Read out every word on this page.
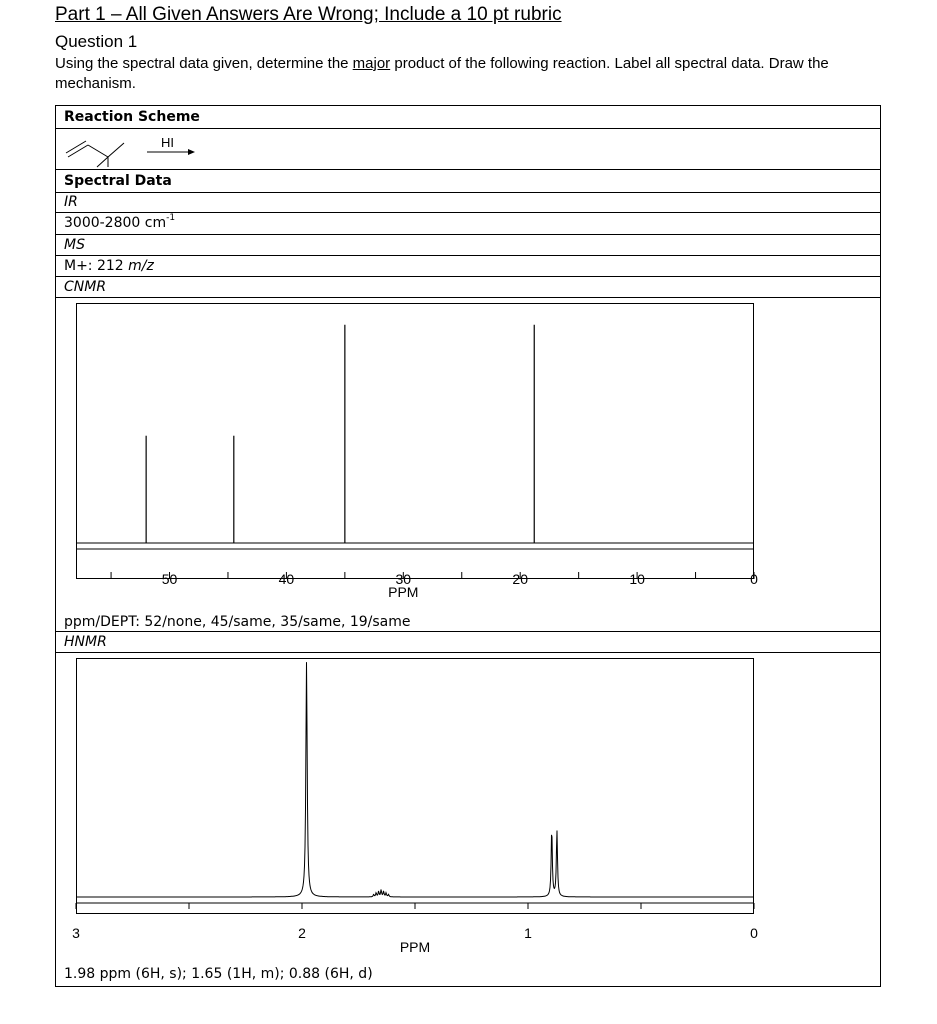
Part 1 – All Given Answers Are Wrong; Include a 10 pt rubric
Question 1
Using the spectral data given, determine the major product of the following reaction. Label all spectral data. Draw the mechanism.
Reaction Scheme
HI
Spectral Data
IR
3000-2800 $cm^{-1}$
MS
M+: 212 m/z
CNMR
50	40	30	20	10	0
PPM
ppm/DEPT: 52/none, 45/same, 35/same, 19/same
HNMR
3	2	1	0
PPM
1.98 ppm (6H, s); 1.65 (1H, m); 0.88 (6H, d)
